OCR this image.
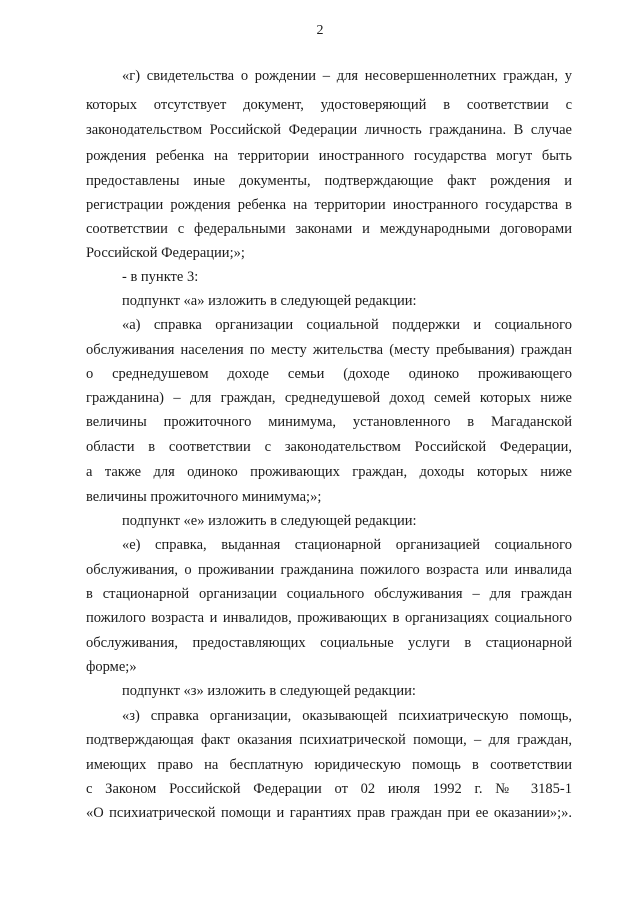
2
«г) свидетельства о рождении – для несовершеннолетних граждан, у
которых отсутствует документ, удостоверяющий в соответствии с
законодательством Российской Федерации личность гражданина. В случае
рождения ребенка на территории иностранного государства могут быть
предоставлены иные документы, подтверждающие факт рождения и
регистрации рождения ребенка на территории иностранного государства в
соответствии с федеральными законами и международными договорами
Российской Федерации;»;
- в пункте 3:
подпункт «а» изложить в следующей редакции:
«а) справка организации социальной поддержки и социального
обслуживания населения по месту жительства (месту пребывания) граждан
о среднедушевом доходе семьи (доходе одиноко проживающего
гражданина) – для граждан, среднедушевой доход семей которых ниже
величины прожиточного минимума, установленного в Магаданской
области в соответствии с законодательством Российской Федерации,
а также для одиноко проживающих граждан, доходы которых ниже
величины прожиточного минимума;»;
подпункт «е» изложить в следующей редакции:
«е) справка, выданная стационарной организацией социального
обслуживания, о проживании гражданина пожилого возраста или инвалида
в стационарной организации социального обслуживания – для граждан
пожилого возраста и инвалидов, проживающих в организациях социального
обслуживания, предоставляющих социальные услуги в стационарной
форме;»
подпункт «з» изложить в следующей редакции:
«з) справка организации, оказывающей психиатрическую помощь,
подтверждающая факт оказания психиатрической помощи, – для граждан,
имеющих право на бесплатную юридическую помощь в соответствии
с Законом Российской Федерации от 02 июля 1992 г. № 3185-1
«О психиатрической помощи и гарантиях прав граждан при ее оказании»;».
